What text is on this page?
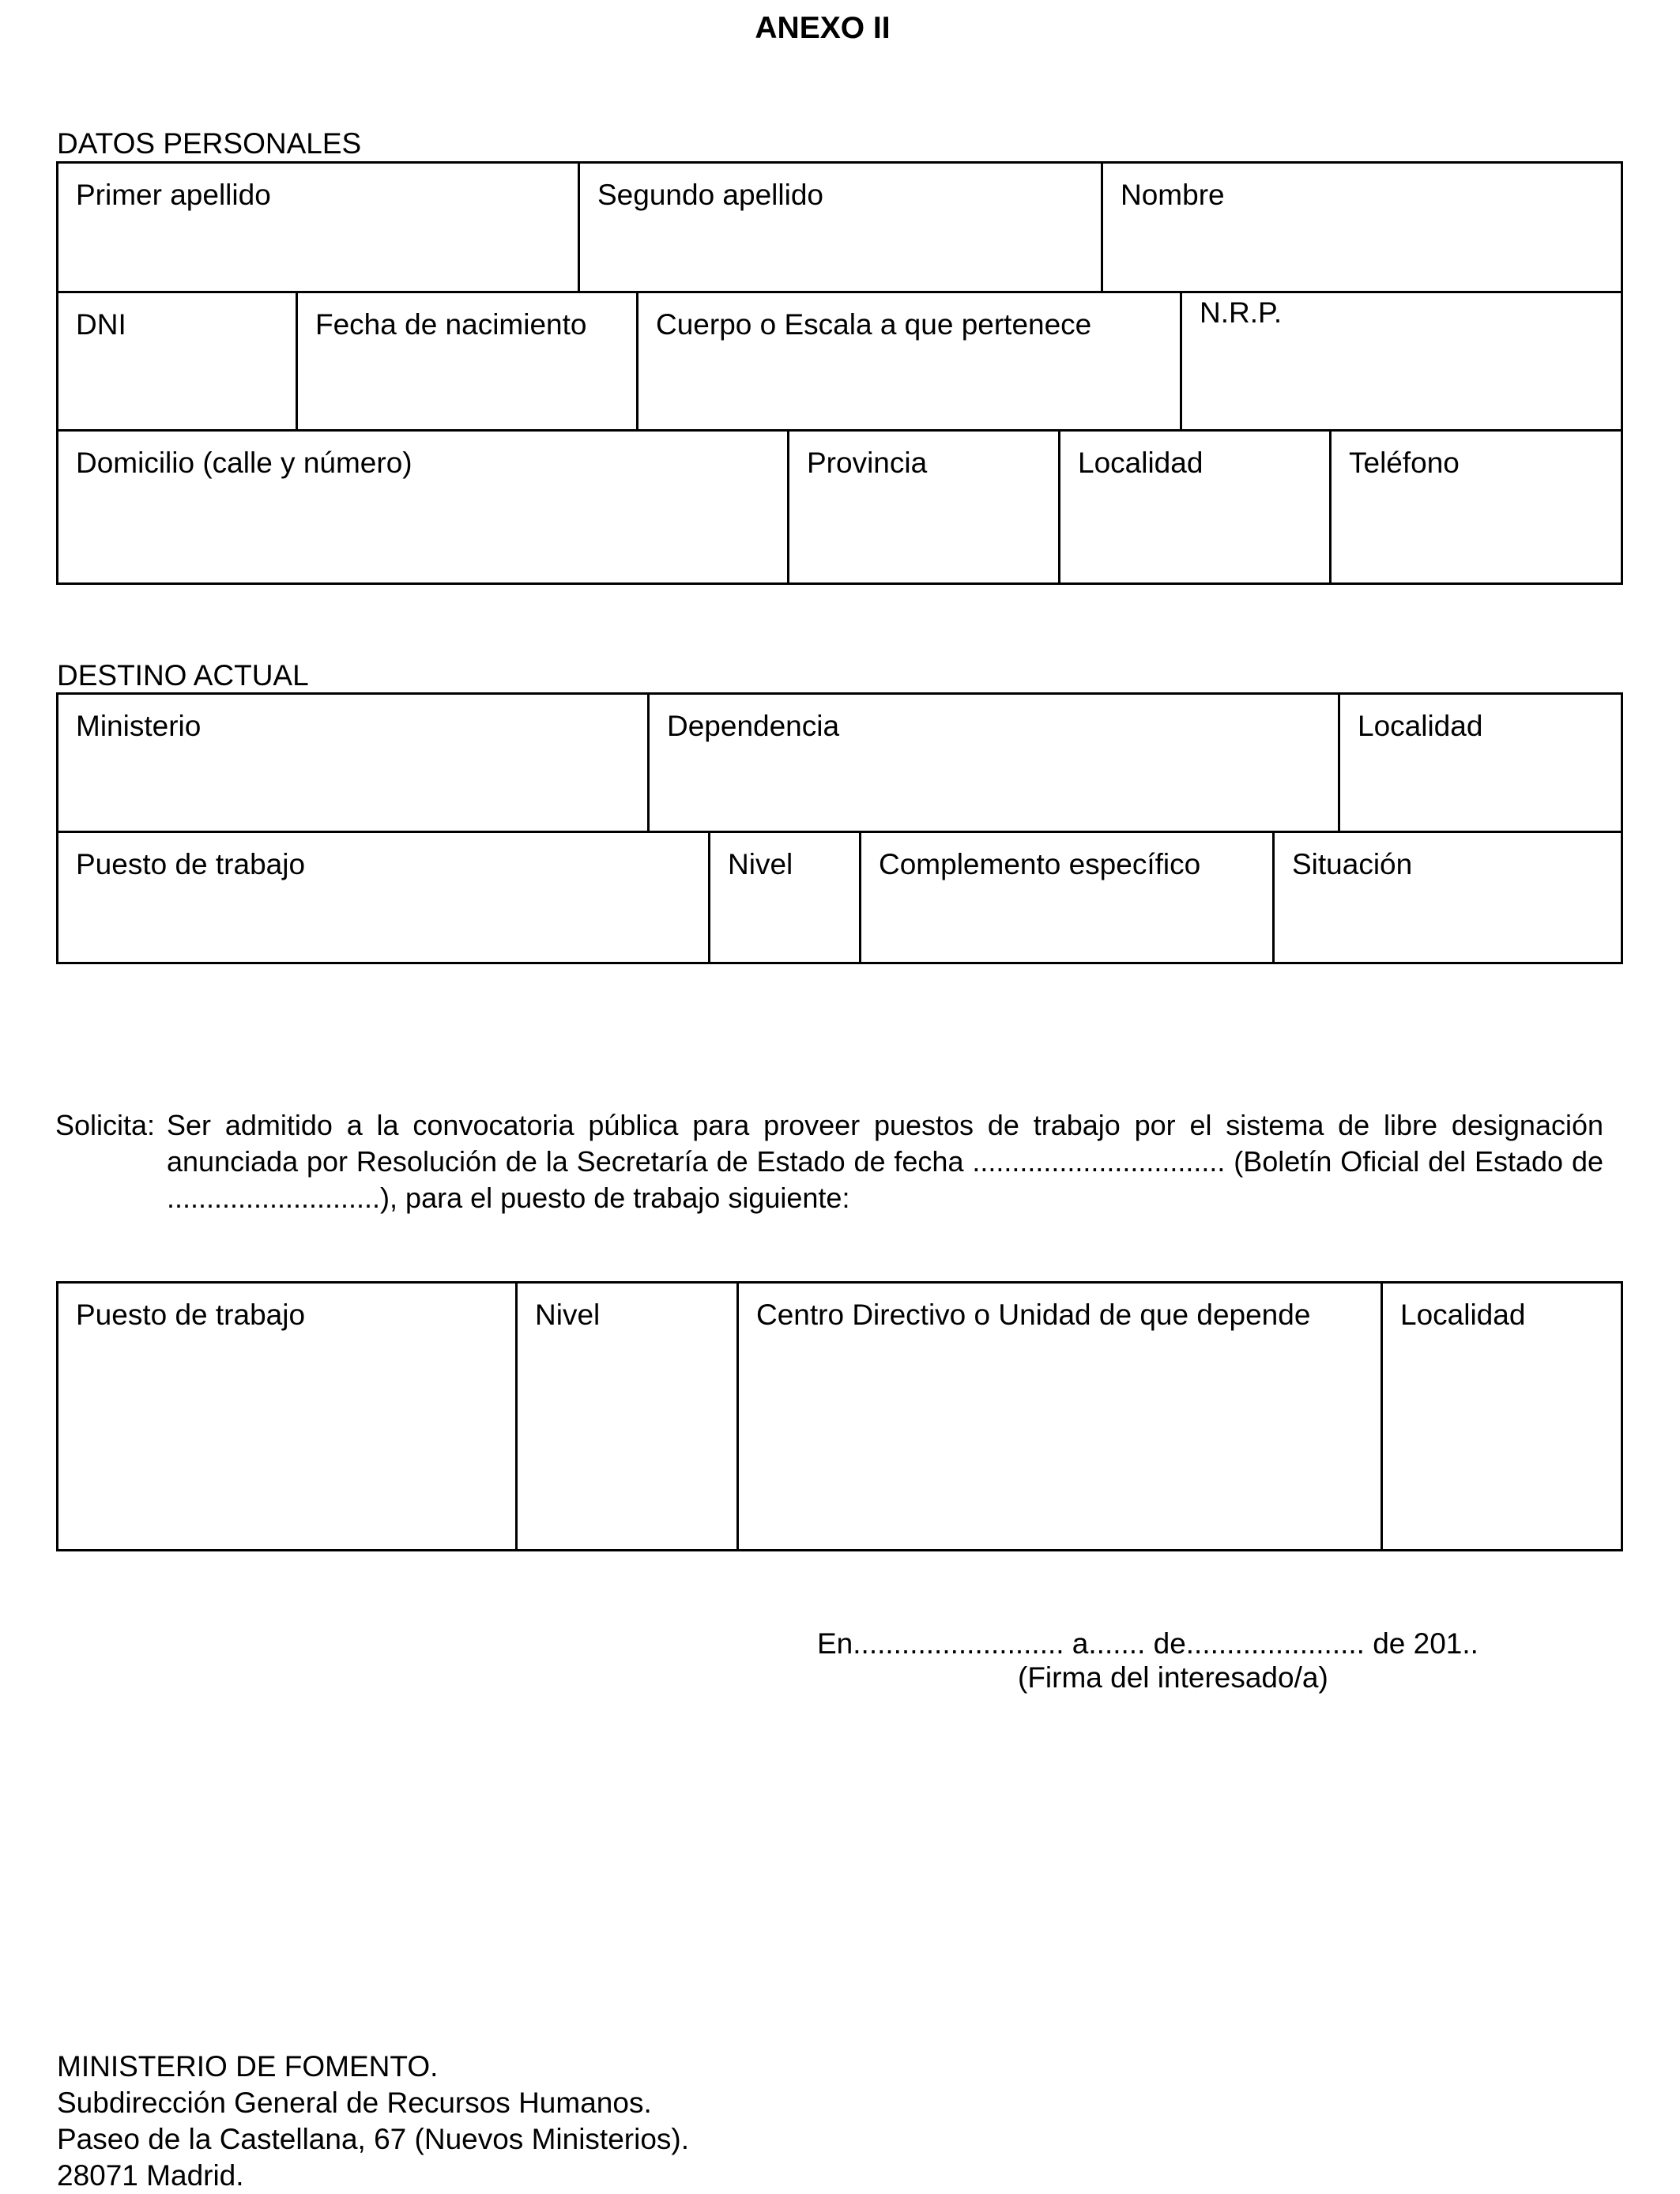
ANEXO II
DATOS PERSONALES
Primer apellido	Segundo apellido	Nombre
DNI	Fecha de nacimiento	Cuerpo o Escala a que pertenece	N.R.P.
Domicilio (calle y número)	Provincia	Localidad	Teléfono
DESTINO ACTUAL
Ministerio	Dependencia	Localidad
Puesto de trabajo	Nivel	Complemento específico	Situación
Solicita: Ser admitido a la convocatoria pública para proveer puestos de trabajo por el sistema de libre designación anunciada por Resolución de la Secretaría de Estado de fecha ................................ (Boletín Oficial del Estado de ...........................), para el puesto de trabajo siguiente:
Puesto de trabajo	Nivel	Centro Directivo o Unidad de que depende	Localidad
En.......................... a....... de...................... de 201..
(Firma del interesado/a)
MINISTERIO DE FOMENTO.
Subdirección General de Recursos Humanos.
Paseo de la Castellana, 67 (Nuevos Ministerios).
28071 Madrid.
